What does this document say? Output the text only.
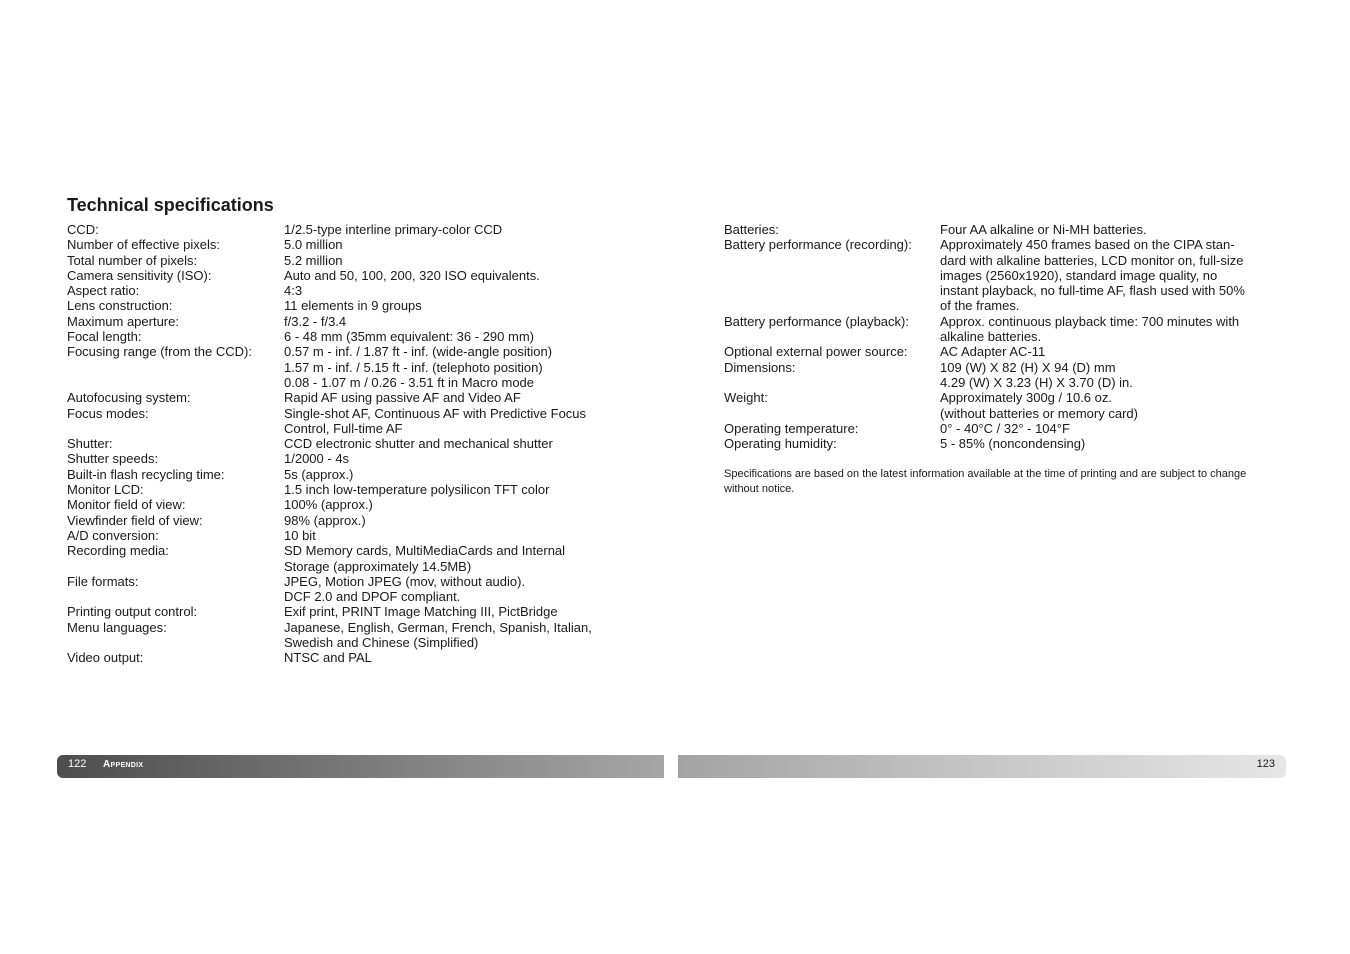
Technical specifications
CCD:	1/2.5-type interline primary-color CCD
Number of effective pixels:	5.0 million
Total number of pixels:	5.2 million
Camera sensitivity (ISO):	Auto and 50, 100, 200, 320 ISO equivalents.
Aspect ratio:	4:3
Lens construction:	11 elements in 9 groups
Maximum aperture:	f/3.2 - f/3.4
Focal length:	6 - 48 mm (35mm equivalent: 36 - 290 mm)
Focusing range (from the CCD):	0.57 m - inf. / 1.87 ft - inf. (wide-angle position)
1.57 m - inf. / 5.15 ft - inf. (telephoto position)
0.08 - 1.07 m / 0.26 - 3.51 ft in Macro mode
Autofocusing system:	Rapid AF using passive AF and Video AF
Focus modes:	Single-shot AF, Continuous AF with Predictive Focus
Control, Full-time AF
Shutter:	CCD electronic shutter and mechanical shutter
Shutter speeds:	1/2000 - 4s
Built-in flash recycling time:	5s (approx.)
Monitor LCD:	1.5 inch low-temperature polysilicon TFT color
Monitor field of view:	100% (approx.)
Viewfinder field of view:	98% (approx.)
A/D conversion:	10 bit
Recording media:	SD Memory cards, MultiMediaCards and Internal
Storage (approximately 14.5MB)
File formats:	JPEG, Motion JPEG (mov, without audio).
DCF 2.0 and DPOF compliant.
Printing output control:	Exif print, PRINT Image Matching III, PictBridge
Menu languages:	Japanese, English, German, French, Spanish, Italian,
Swedish and Chinese (Simplified)
Video output:	NTSC and PAL
Batteries:	Four AA alkaline or Ni-MH batteries.
Battery performance (recording):	Approximately 450 frames based on the CIPA stan-
dard with alkaline batteries, LCD monitor on, full-size
images (2560x1920), standard image quality, no
instant playback, no full-time AF, flash used with 50%
of the frames.
Battery performance (playback):	Approx. continuous playback time: 700 minutes with
alkaline batteries.
Optional external power source:	AC Adapter AC-11
Dimensions:	109 (W) X 82 (H) X 94 (D) mm
4.29 (W) X 3.23 (H) X 3.70 (D) in.
Weight:	Approximately 300g / 10.6 oz.
(without batteries or memory card)
Operating temperature:	0° - 40°C / 32° - 104°F
Operating humidity:	5 - 85% (noncondensing)

Specifications are based on the latest information available at the time of printing and are subject to change without notice.

122 Appendix	123
